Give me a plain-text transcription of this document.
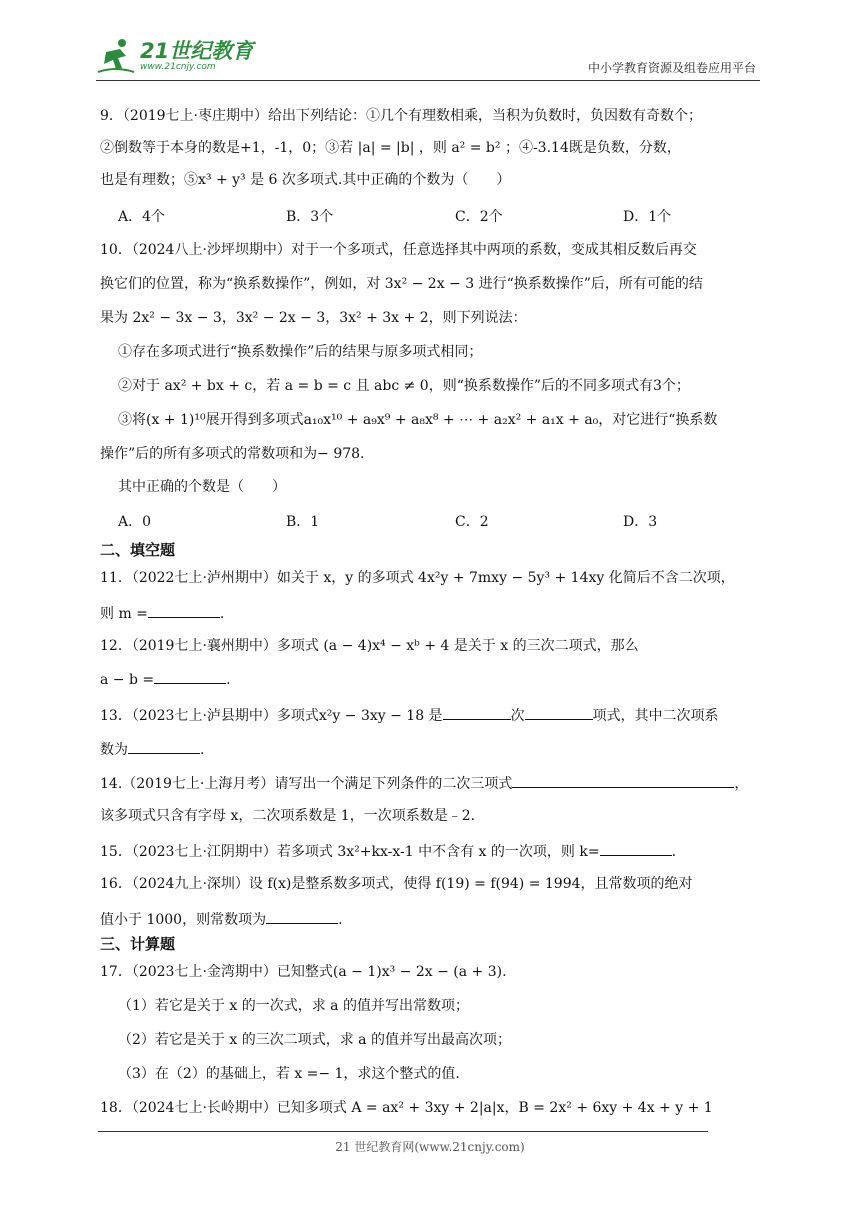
21世纪教育
www.21cnjy.com	中小学教育资源及组卷应用平台
9．（2019七上·枣庄期中）给出下列结论：①几个有理数相乘，当积为负数时，负因数有奇数个；
②倒数等于本身的数是+1，-1，0；③若 |a| = |b| ，则 a² = b² ；④-3.14既是负数，分数，
也是有理数；⑤x³ + y³ 是 6 次多项式.其中正确的个数为（　　）
A．4个	B．3个	C．2个	D．1个
10．（2024八上·沙坪坝期中）对于一个多项式，任意选择其中两项的系数，变成其相反数后再交
换它们的位置，称为“换系数操作”，例如，对 3x² − 2x − 3 进行“换系数操作”后，所有可能的结
果为 2x² − 3x − 3，3x² − 2x − 3，3x² + 3x + 2，则下列说法：
①存在多项式进行“换系数操作”后的结果与原多项式相同；
②对于 ax² + bx + c，若 a = b = c 且 abc ≠ 0，则“换系数操作”后的不同多项式有3个；
③将(x + 1)¹⁰展开得到多项式a₁₀x¹⁰ + a₉x⁹ + a₈x⁸ + ⋯ + a₂x² + a₁x + a₀，对它进行“换系数
操作”后的所有多项式的常数项和为− 978.
其中正确的个数是（　　）
A．0	B．1	C．2	D．3
二、填空题
11．（2022七上·泸州期中）如关于 x，y 的多项式 4x²y + 7mxy − 5y³ + 14xy 化简后不含二次项，
则 m =	.
12．（2019七上·襄州期中）多项式 (a − 4)x⁴ − xᵇ + 4 是关于 x 的三次二项式，那么
a − b =	.
13．（2023七上·泸县期中）多项式x²y − 3xy − 18 是	次	项式，其中二次项系
数为	.
14.（2019七上·上海月考）请写出一个满足下列条件的二次三项式	，
该多项式只含有字母 x，二次项系数是 1，一次项系数是﹣2.
15．（2023七上·江阴期中）若多项式 3x²+kx-x-1 中不含有 x 的一次项，则 k=	.
16．（2024九上·深圳）设 f(x)是整系数多项式，使得 f(19) = f(94) = 1994，且常数项的绝对
值小于 1000，则常数项为	.
三、计算题
17．（2023七上·金湾期中）已知整式(a − 1)x³ − 2x − (a + 3).
（1）若它是关于 x 的一次式，求 a 的值并写出常数项；
（2）若它是关于 x 的三次二项式，求 a 的值并写出最高次项；
（3）在（2）的基础上，若 x =− 1，求这个整式的值.
18．（2024七上·长岭期中）已知多项式 A = ax² + 3xy + 2|a|x，B = 2x² + 6xy + 4x + y + 1
21 世纪教育网(www.21cnjy.com)
